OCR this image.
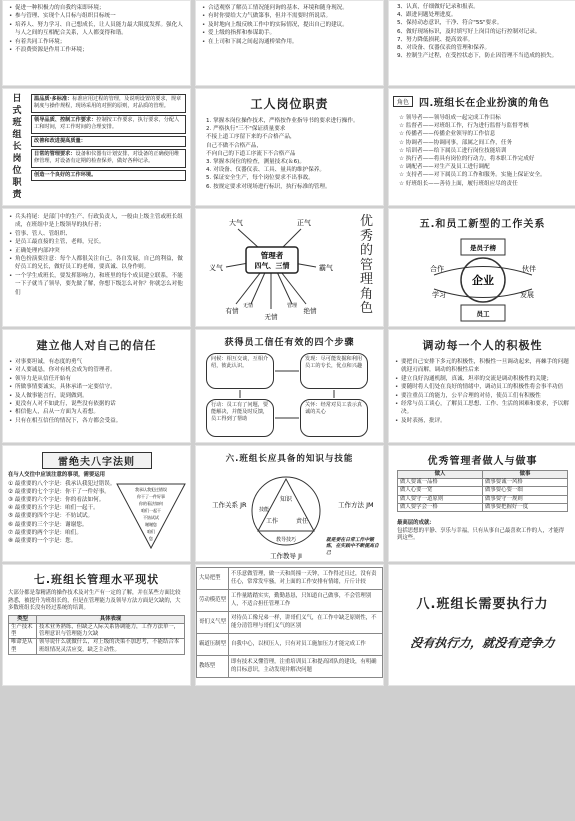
• 促进一种积极力的自我约束即环境；
• 参与管理、实现个人目标与组织目标统一
• 培养人、努力学习、自己想成长，让人员能力最大限度发挥。强化人与人之间的互相配合关系，人人都变得和谐。
• 有着共同工作环境；
• 不浪费资源是作用工作环境；
• 合适观察了解员工情况能问询的基本、环境和随身现况。
• 有时你要给大力气做第事，但并不需要时所说话。
• 及时地向上级反映工作中的实际情况，提出自己的建议。
• 爱上级的指挥和参谋助手。
• 在上司和下属之间起沟通桥梁作用。
3、认真，仔细做好记录和报表。
4、跟进问题处理进度。
5、保持动态意识，干净、符合"5S"要求。
6、做好现场标识，及时填写好上岗目的运行控制对记录。
7、努力降低损耗、提高效率。
8、对设备、仪器仪表的管理和保养。
9、控制生产过程，在受控状态下，防止因管理不当造成的损失。
日
式
班
组
长
岗
位
职
责
温品质·多标准：标准应用过程的管理，及说明设置的要求，规章制度与操作规程，现场采用的对照的原则，对品质的管理。
领导品质、控制工作要求：控制按工作要求，执行要求，分配人工和时间，对工作时间的合理安排。
改善和改进提高质量：
日常的管理要求：设备和仪器有计划安排，对设备的正确使用维修管理，对设备有定期的检查保养，做好各种记录。
创造一个良好的工作环境。
工人岗位职责
1. 掌握本岗位操作技术，严格按作业指导书的要求进行操作。
2. 严格执行"三不"保证质量要求
不接上道工序留下来的不合格产品，
自己不做不合格产品，
不向自己的下道工序流下不合格产品
3. 掌握本岗位的检查，测量技术(＆6)。
4. 对设备、仪器仪表、工具、量具的维护保养。
5. 保证安全生产，每个岗位要求不出事故。
6. 按规定要求对现场进行标识，执行标准的管理。
角色	四.班组长在企业扮演的角色
☆ 领导者——领导组成一起完成工作目标
☆ 监督者——对班组工作，行为进行监督与监督考核
☆ 传播者——传播企业领导的工作信息
☆ 协调者——协调同事，部属之间工作，任务
☆ 培训者——给下属员工进行岗位技能培训
☆ 执行者——将具有岗位的行动力，将本职工作完成好
☆ 调配者——对生产及员工进行调配
☆ 支持者——对下属员工的工作和服务。实施上保证安全。
☆ 好班组长——善待上面，履行班组应尽的责任
• 兵头将尾：是部门中的生产、行政负责人，一般由上级主管或班长组成，在班组中是上级领导的执行者；
• 管事、管人、管组织、
• 是员工最直接的主管，老师，兄长。
• 正确处理内部冲突
• 角色扮演要注意：每个人都很关注自己，各自发展，自己的利益，做好员工的兄长，做好员工的老师，要真诚、以身作则。
• 一个学生成班长，要发挥影响力，和班里的每个成员建立联系，不能一下子就当了领导，要先做了解，你想下级怎么对你？你就怎么对他们
管理者
四气、三情
大气	正气
义气	霸气
有情
无情
绝情
无情	管理
优
秀
的
管
理
角
色
五.和员工新型的工作关系
是员子榜
员工
企业
合作	伙伴
学习	发展
建立他人对自己的信任
• 对事要坦诚，有态度的勇气
• 对人要诚恳，你对有机会成为的管理者。
• 领导力是从信任开始有
• 所做事情要诚实，具体承诺一定要信守。
• 及人做事能言行，说到做到。
• 更没有人对不如此行，说些没有依据的话
• 相信他人，启从一方面为人着想。
• 只有在相互信任的情况下，各方都会受益。
获得员工信任有效的四个步骤
问候：相互交谈，互相介绍，彼此认识。
发现：尽可能发掘和利用员工的专长，优点和兴趣
行动：员工有了问题，要能解决，并能及时反馈，员工得到了帮助
关怀：经常对员工表示真诚的关心
调动每一个人的积极性
• 要把自己安排下多元的积极性，积极性一旦调动起来，再棘手的问题就迎刃而解，调动的积极性后来
• 建立良好沟通机制，真诚、坦率的交流是调动积极性的关键；
• 要随时将人们处在良好的情绪中，调动员工的积极性将会事半功倍
• 要注重员工的能力，公平合理的对待，使员工们有积极性
• 经常与员工谈心，了解员工思想、工作、生活的困难和要求，予以解决。
• 及时表扬，批评。
雷绝夫八字法则
在与人交往中应该注意的事项，需要运用
① 最重要的八个字是：我承认我犯过错误。
② 最重要的七个字是：你干了一件好事。
③ 最重要的六个字是：你的看法如何。
④ 最重要的五个字是：咱们一起干。
⑤ 最重要的四个字是：不妨试试。
⑥ 最重要的三个字是：谢谢您。
⑦ 最重要的两个字是：咱们。
⑧ 最重要的一个字是：您。
我承认我犯过错误
你干了一件好事
你的看法如何
咱们一起干
不妨试试
谢谢您
咱们
您
六.班组长应具备的知识与技能
知识
责任
技能
工作
教导技巧
工作关系 JR	工作方法 JM
工作教导 JI
就是要在日常工作中锻炼，在实践中不断提高自己
优秀管理者做人与做事
做人	做事
做人要诚一品格	做事要诚一风格
做人心要一宽	做事要心要一细
做人要守一道原则	做事要守一规则
做人要学会一格	做事要把握好一度
最高层的成就：
包括思想的平静、享乐与幸福，只有从事自己最喜欢工作的人，才能得到这些。
七.班组长管理水平现状
大部分都是靠精湛的操作技术及对生产有一定的了解，并在某些方面比较熟悉，被提升为班组长的，但是在管理能力及领导方法方面是欠缺的，大多数班组长没有经过系统的培训。
类型	具体表现
生产技术型	技术业务熟练，但缺乏人际关系协调能力，工作方法单一，管理意识与管理能力欠缺
唯命是从型	领导说什么就做什么，对上级的决策不加思考，不能结合本班组情况灵活应变，缺乏主动性。
大局把型	不乐意做管理，做一天和尚撞一天钟，工作得过且过，没有责任心，常常发牢骚，对上面的工作安排有情绪，斤斤计较
劳动模范型	工作量踏踏实实，勤勤恳恳，只知道自己做事，不会管理别人，不适合担任管理工作
哥们义气型	对待员工像兄弟一样，讲哥们义气，在工作中缺乏原则性，不能分清管理与哥们义气的区别
霸道压制型	自我中心，以权压人，只有对员工施加压力才能完成工作
教练型	即有技术又懂管理，注重培训员工和提高团队的建设，有明确的目标意识，主动发现并解决问题
八.班组长需要执行力
没有执行力，就没有竞争力
